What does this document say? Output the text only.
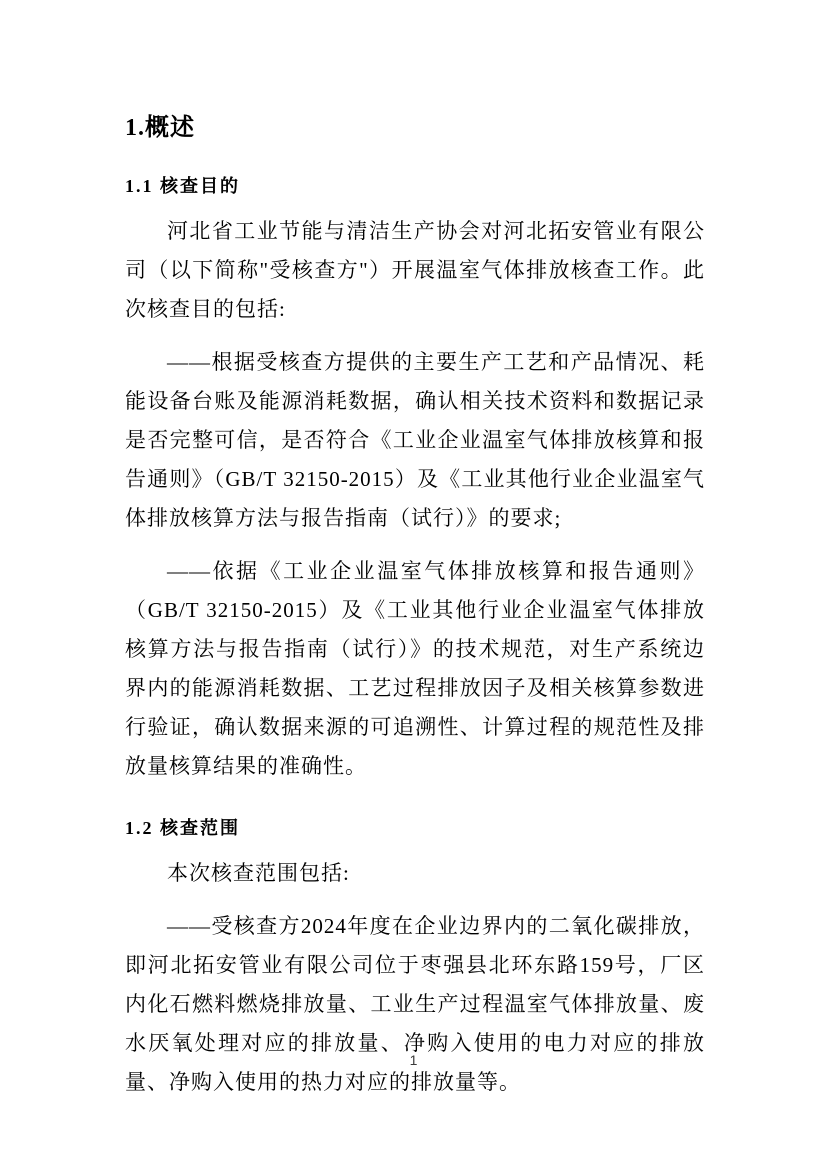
1.概述
1.1 核查目的

河北省工业节能与清洁生产协会对河北拓安管业有限公司（以下简称"受核查方"）开展温室气体排放核查工作。此次核查目的包括:

——根据受核查方提供的主要生产工艺和产品情况、耗能设备台账及能源消耗数据，确认相关技术资料和数据记录是否完整可信，是否符合《工业企业温室气体排放核算和报告通则》（GB/T 32150-2015）及《工业其他行业企业温室气体排放核算方法与报告指南（试行）》的要求;

——依据《工业企业温室气体排放核算和报告通则》（GB/T 32150-2015）及《工业其他行业企业温室气体排放核算方法与报告指南（试行）》的技术规范，对生产系统边界内的能源消耗数据、工艺过程排放因子及相关核算参数进行验证，确认数据来源的可追溯性、计算过程的规范性及排放量核算结果的准确性。

1.2 核查范围

本次核查范围包括:

——受核查方2024年度在企业边界内的二氧化碳排放，即河北拓安管业有限公司位于枣强县北环东路159号，厂区内化石燃料燃烧排放量、工业生产过程温室气体排放量、废水厌氧处理对应的排放量、净购入使用的电力对应的排放量、净购入使用的热力对应的排放量等。

1
